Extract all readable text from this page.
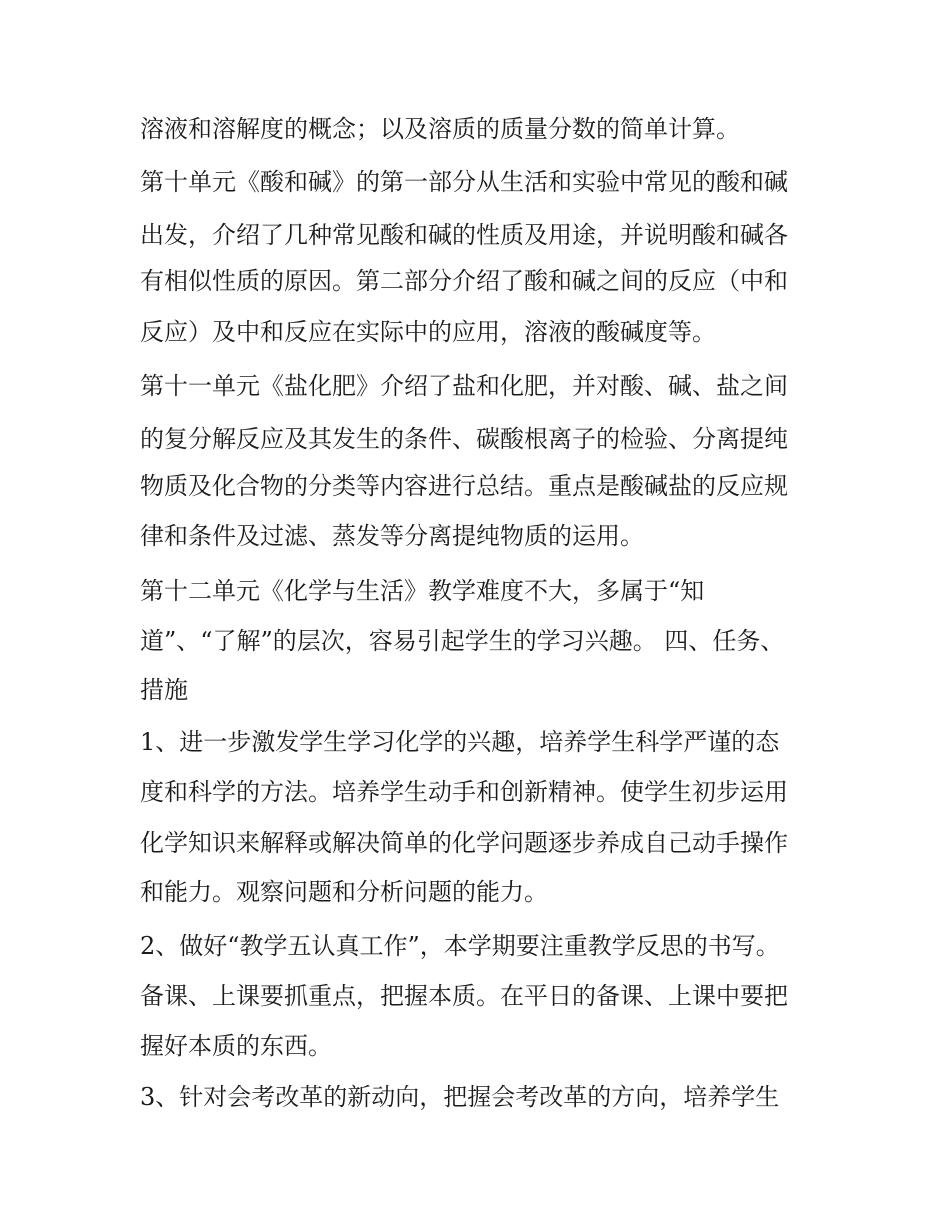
溶液和溶解度的概念；以及溶质的质量分数的简单计算。

第十单元《酸和碱》的第一部分从生活和实验中常见的酸和碱

出发，介绍了几种常见酸和碱的性质及用途，并说明酸和碱各

有相似性质的原因。第二部分介绍了酸和碱之间的反应（中和

反应）及中和反应在实际中的应用，溶液的酸碱度等。

第十一单元《盐化肥》介绍了盐和化肥，并对酸、碱、盐之间

的复分解反应及其发生的条件、碳酸根离子的检验、分离提纯

物质及化合物的分类等内容进行总结。重点是酸碱盐的反应规

律和条件及过滤、蒸发等分离提纯物质的运用。

第十二单元《化学与生活》教学难度不大，多属于“知

道”、“了解”的层次，容易引起学生的学习兴趣。 四、任务、

措施

1、进一步激发学生学习化学的兴趣，培养学生科学严谨的态

度和科学的方法。培养学生动手和创新精神。使学生初步运用

化学知识来解释或解决简单的化学问题逐步养成自己动手操作

和能力。观察问题和分析问题的能力。

2、做好“教学五认真工作”，本学期要注重教学反思的书写。

备课、上课要抓重点，把握本质。在平日的备课、上课中要把

握好本质的东西。

3、针对会考改革的新动向，把握会考改革的方向，培养学生
